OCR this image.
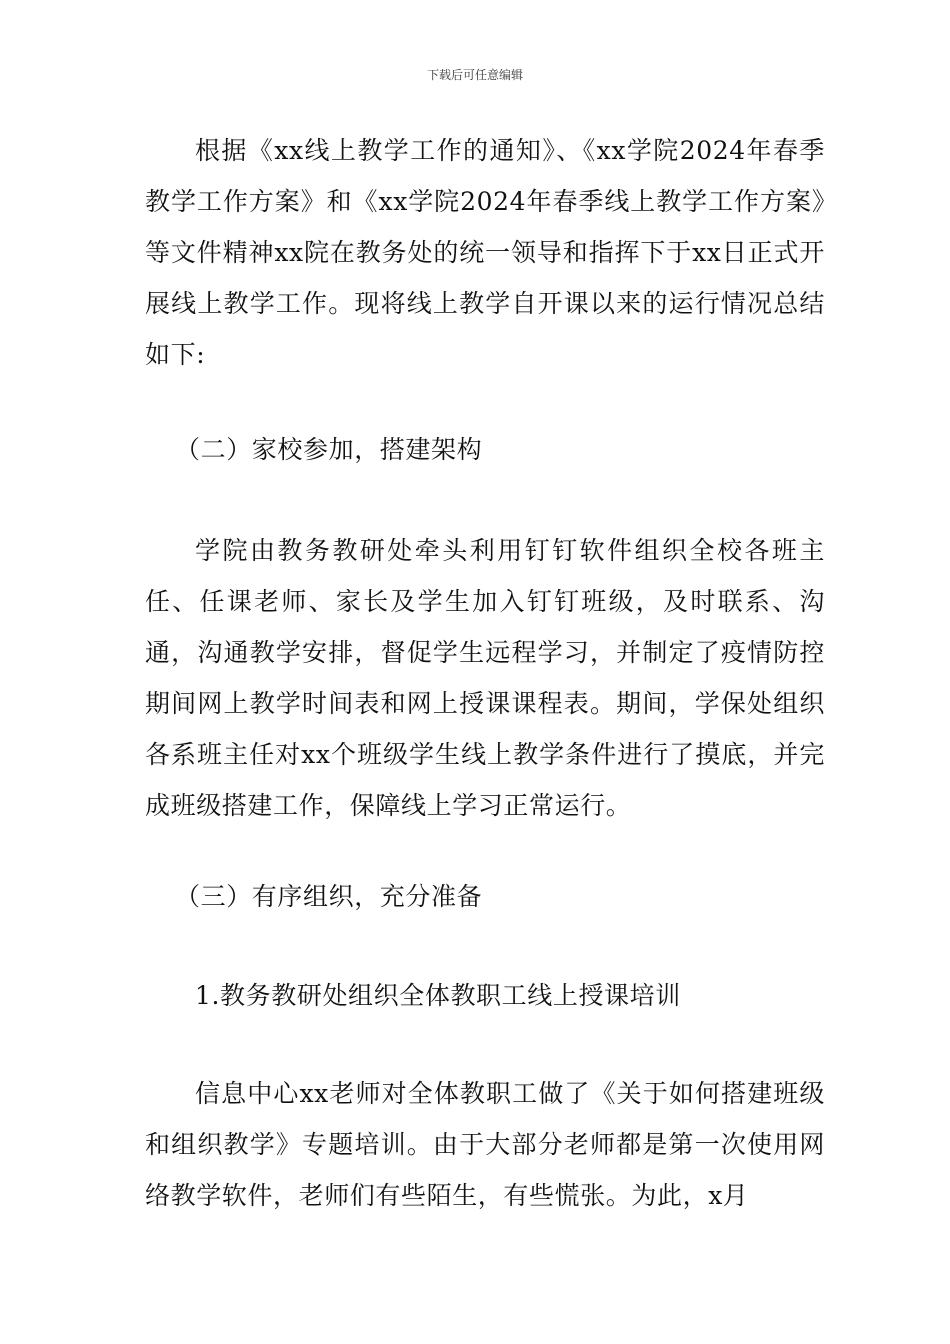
下载后可任意编辑

根据《xx线上教学工作的通知》、《xx学院2024年春季教学工作方案》和《xx学院2024年春季线上教学工作方案》等文件精神xx院在教务处的统一领导和指挥下于xx日正式开展线上教学工作。现将线上教学自开课以来的运行情况总结如下:

（二）家校参加，搭建架构

学院由教务教研处牵头利用钉钉软件组织全校各班主任、任课老师、家长及学生加入钉钉班级，及时联系、沟通，沟通教学安排，督促学生远程学习，并制定了疫情防控期间网上教学时间表和网上授课课程表。期间，学保处组织各系班主任对xx个班级学生线上教学条件进行了摸底，并完成班级搭建工作，保障线上学习正常运行。

（三）有序组织，充分准备

1.教务教研处组织全体教职工线上授课培训

信息中心xx老师对全体教职工做了《关于如何搭建班级和组织教学》专题培训。由于大部分老师都是第一次使用网络教学软件，老师们有些陌生，有些慌张。为此，x月
